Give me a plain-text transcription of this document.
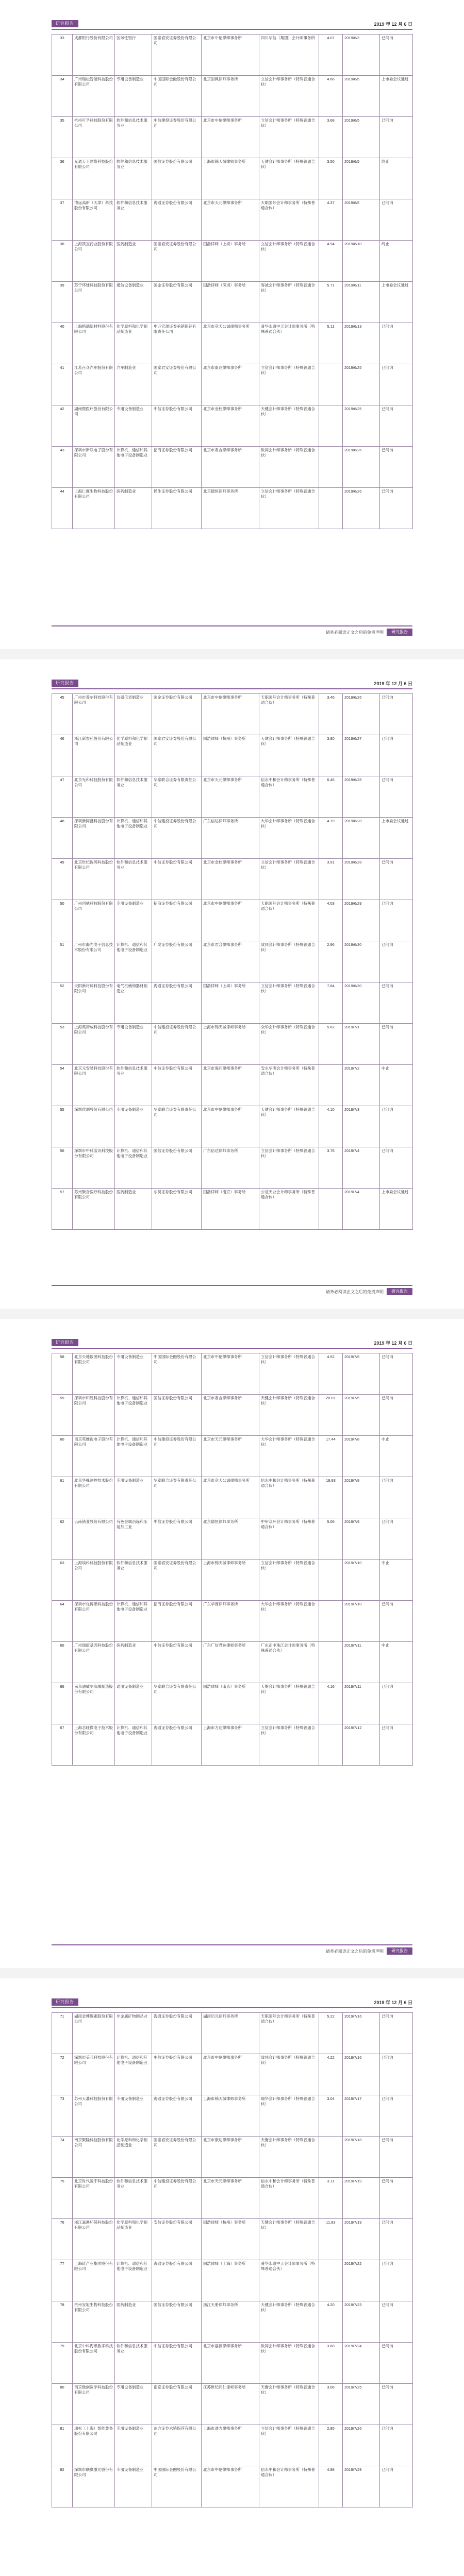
研究报告	2019 年 12 月 6 日
33	成都银行股份有限公司	区域性银行	国泰君安证券股份有限公司	北京市中伦律师事务所	四川华信（集团）会计师事务所	4.07	2019/6/3	已问询
34	广州瑞松智能科技股份有限公司	专用设备制造业	中国国际金融股份有限公司	北京国枫律师事务所	立信会计师事务所（特殊普通合伙）	4.66	2019/6/5	上市委会议通过
35	杭州可孚科技股份有限公司	软件和信息技术服务业	中信建投证券股份有限公司	北京市中伦律师事务所	立信会计师事务所（特殊普通合伙）	3.68	2019/6/5	已问询
36	光通天下网络科技股份有限公司	软件和信息技术服务业	国信证券股份有限公司	上海市锦天城律师事务所	天健会计师事务所（特殊普通合伙）	3.50	2019/6/5	终止
37	清远高新（天津）科技股份有限公司	软件和信息技术服务业	海通证券股份有限公司	北京市天元律师事务所	天职国际会计师事务所（特殊普通合伙）	4.37	2019/6/5	已问询
38	上海凯宝药业股份有限公司	医药制造业	国泰君安证券股份有限公司	国浩律师（上海）事务所	立信会计师事务所（特殊普通合伙）	4.94	2019/6/10	终止
39	苏宁环球科技股份有限公司	通信设备制造业	国金证券股份有限公司	国浩律师（深圳）事务所	容诚会计师事务所（特殊普通合伙）	5.71	2019/6/11	上市委会议通过
40	上海格瑞新材料股份有限公司	化学原料和化学制品制造业	申万宏源证券承销保荐有限责任公司	北京市竞天公诚律师事务所	普华永道中天会计师事务所（特殊普通合伙）	5.11	2019/6/13	已问询
41	江苏百众汽车股份有限公司	汽车制造业	国泰君安证券股份有限公司	北京市康达律师事务所	立信会计师事务所（特殊普通合伙）		2019/6/25	已问询
42	湖南微医疗股份有限公司	专用设备制造业	中信证券股份有限公司	北京市金杜律师事务所	天健会计师事务所（特殊普通合伙）		2019/6/25	已问询
43	深圳市新联电子股份有限公司	计算机、通信和其他电子设备制造业	招商证券股份有限公司	北京市君合律师事务所	致同会计师事务所（特殊普通合伙）		2019/6/26	已问询
44	上海仁度生物科技股份有限公司	医药制造业	民生证券股份有限公司	北京德恒律师事务所	立信会计师事务所（特殊普通合伙）		2019/6/26	已问询
请务必阅读正文之后的免责声明	研究报告
研究报告	2019 年 12 月 6 日
45	广州市普尔科技股份有限公司	仪器仪表制造业	国金证券股份有限公司	北京市中伦律师事务所	天职国际会计师事务所（特殊普通合伙）	3.46	2019/6/26	已问询
46	浙江新农药股份有限公司	化学原料和化学制品制造业	国泰君安证券股份有限公司	国浩律师（杭州）事务所	天健会计师事务所（特殊普通合伙）	3.80	2019/6/27	已问询
47	北京光和科技股份有限公司	软件和信息技术服务业	华泰联合证券有限责任公司	北京市天元律师事务所	信永中和会计师事务所（特殊普通合伙）	6.46	2019/6/28	已问询
48	深圳新同盛科技股份有限公司	计算机、通信和其他电子设备制造业	中信建投证券股份有限公司	广东信达律师事务所	大华会计师事务所（特殊普通合伙）	4.19	2019/6/28	上市委会议通过
49	北京世纪数码科技股份有限公司	软件和信息技术服务业	中信证券股份有限公司	北京市金杜律师事务所	立信会计师事务所（特殊普通合伙）	3.91	2019/6/28	已问询
50	广州创驰科技股份有限公司	专用设备制造业	招商证券股份有限公司	北京市中伦律师事务所	天职国际会计师事务所（特殊普通合伙）	4.03	2019/6/29	已问询
51	广州市海光电子信息技术股份有限公司	计算机、通信和其他电子设备制造业	广发证券股份有限公司	北京市君合律师事务所	致同会计师事务所（特殊普通合伙）	2.96	2019/6/30	已问询
52	天阳新材料科技股份有限公司	电气机械和器材制造业	海通证券股份有限公司	国浩律师（上海）事务所	立信会计师事务所（特殊普通合伙）	7.84	2019/6/30	已问询
53	上海英诺威科技股份有限公司	专用设备制造业	中信建投证券股份有限公司	上海市锦天城律师事务所	众华会计师事务所（特殊普通合伙）	5.62	2019/7/1	已问询
54	北京元安易科技股份有限公司	软件和信息技术服务业	中信证券股份有限公司	北京市海问律师事务所	安永华明会计师事务所（特殊普通合伙）		2019/7/2	中止
55	深圳优测股份有限公司	专用设备制造业	华泰联合证券有限责任公司	北京市中伦律师事务所	天健会计师事务所（特殊普通合伙）	4.10	2019/7/3	已问询
56	深圳市中科蓝讯科技股份有限公司	计算机、通信和其他电子设备制造业	国信证券股份有限公司	广东信达律师事务所	立信会计师事务所（特殊普通合伙）	3.76	2019/7/4	已问询
57	苏州聚合医疗科技股份有限公司	医药制造业	东吴证券股份有限公司	国浩律师（南京）事务所	公证天业会计师事务所（特殊普通合伙）		2019/7/4	上市委会议通过
请务必阅读正文之后的免责声明	研究报告
研究报告	2019 年 12 月 6 日
58	北京天地数图科技股份有限公司	专用设备制造业	中国国际金融股份有限公司	北京市中伦律师事务所	立信会计师事务所（特殊普通合伙）	4.52	2019/7/5	已问询
59	深圳市和胜科技股份有限公司	计算机、通信和其他电子设备制造业	国信证券股份有限公司	北京市君合律师事务所	天健会计师事务所（特殊普通合伙）	20.01	2019/7/5	已问询
60	南京英维视电子股份有限公司	计算机、通信和其他电子设备制造业	中信建投证券股份有限公司	北京市天元律师事务所	大华会计师事务所（特殊普通合伙）	17.44	2019/7/8	中止
61	北京华峰测控技术股份有限公司	专用设备制造业	华泰联合证券有限责任公司	北京市竞天公诚律师事务所	信永中和会计师事务所（特殊普通合伙）	19.93	2019/7/8	已问询
62	云南锗业股份有限公司	有色金属冶炼和压延加工业	中信证券股份有限公司	北京德恒律师事务所	中审众环会计师事务所（特殊普通合伙）	5.06	2019/7/9	已问询
63	上海埃科科技股份有限公司	软件和信息技术服务业	国泰君安证券股份有限公司	上海市锦天城律师事务所	立信会计师事务所（特殊普通合伙）		2019/7/10	中止
64	深圳市优博讯科技股份有限公司	计算机、通信和其他电子设备制造业	招商证券股份有限公司	广东华商律师事务所	大华会计师事务所（特殊普通合伙）		2019/7/10	已问询
65	广州瑞康基因科技股份有限公司	医药制造业	中信证券股份有限公司	广东广信君达律师事务所	广东正中珠江会计师事务所（特殊普通合伙）		2019/7/11	中止
66	南京迪威尔高端制造股份有限公司	通用设备制造业	华泰联合证券有限责任公司	国浩律师（南京）事务所	天衡会计师事务所（特殊普通合伙）	4.16	2019/7/11	已问询
67	上海芯旺微电子技术股份有限公司	计算机、通信和其他电子设备制造业	海通证券股份有限公司	上海市方达律师事务所	立信会计师事务所（特殊普通合伙）		2019/7/12	已问询
请务必阅读正文之后的免责声明	研究报告
研究报告	2019 年 12 月 6 日
71	湖南金博碳素股份有限公司	非金属矿物制品业	海通证券股份有限公司	湖南启元律师事务所	天职国际会计师事务所（特殊普通合伙）	5.22	2019/7/16	已问询
72	深圳市美芯科技股份有限公司	计算机、通信和其他电子设备制造业	中信证券股份有限公司	北京市中伦律师事务所	致同会计师事务所（特殊普通合伙）	4.22	2019/7/16	已问询
73	苏州天准科技股份有限公司	专用设备制造业	海通证券股份有限公司	上海市锦天城律师事务所	瑞华会计师事务所（特殊普通合伙）	3.04	2019/7/17	已问询
74	南京聚隆科技股份有限公司	化学原料和化学制品制造业	国泰君安证券股份有限公司	北京市康达律师事务所	天衡会计师事务所（特殊普通合伙）		2019/7/18	已问询
75	北京时代凌宇科技股份有限公司	软件和信息技术服务业	中信建投证券股份有限公司	北京市天元律师事务所	信永中和会计师事务所（特殊普通合伙）	3.11	2019/7/19	已问询
76	浙江嘉澳环保科技股份有限公司	化学原料和化学制品制造业	安信证券股份有限公司	国浩律师（杭州）事务所	天健会计师事务所（特殊普通合伙）	11.83	2019/7/19	已问询
77	上海硅产业集团股份有限公司	计算机、通信和其他电子设备制造业	海通证券股份有限公司	国浩律师（上海）事务所	普华永道中天会计师事务所（特殊普通合伙）		2019/7/22	已问询
78	杭州安旭生物科技股份有限公司	医药制造业	国信证券股份有限公司	浙江天册律师事务所	天健会计师事务所（特殊普通合伙）	4.20	2019/7/23	已问询
79	北京中科海讯数字科技股份有限公司	软件和信息技术服务业	中信证券股份有限公司	北京市嘉源律师事务所	致同会计师事务所（特殊普通合伙）	3.68	2019/7/24	已问询
80	南京微创医学科技股份有限公司	专用设备制造业	南京证券股份有限公司	江苏世纪同仁律师事务所	天衡会计师事务所（特殊普通合伙）	3.06	2019/7/25	已问询
81	瑞松（上海）智能装备股份有限公司	专用设备制造业	东方证券承销保荐有限公司	上海市通力律师事务所	立信会计师事务所（特殊普通合伙）	2.85	2019/7/26	已问询
82	深圳市联赢激光股份有限公司	专用设备制造业	中国国际金融股份有限公司	北京市中伦律师事务所	信永中和会计师事务所（特殊普通合伙）	4.88	2019/7/29	已问询
